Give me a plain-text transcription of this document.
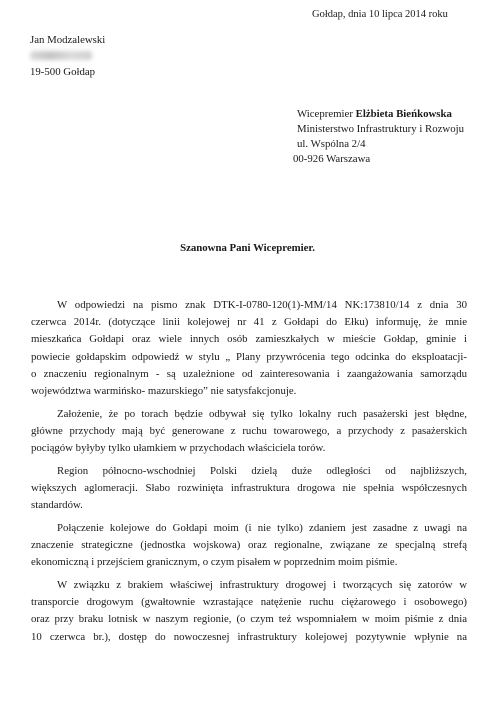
Gołdap, dnia 10 lipca 2014 roku
Jan Modzalewski
19-500 Gołdap
Wicepremier Elżbieta Bieńkowska
Ministerstwo Infrastruktury i Rozwoju
ul. Wspólna 2/4
00-926 Warszawa
Szanowna Pani Wicepremier.
W odpowiedzi na pismo znak DTK-I-0780-120(1)-MM/14 NK:173810/14 z dnia 30
czerwca 2014r. (dotyczące linii kolejowej nr 41 z Gołdapi do Ełku) informuję, że mnie
mieszkańca Gołdapi oraz wiele innych osób zamieszkałych w mieście Gołdap, gminie i
powiecie gołdapskim odpowiedź w stylu „ Plany przywrócenia tego odcinka do eksploatacji-
o znaczeniu regionalnym - są uzależnione od zainteresowania i zaangażowania samorządu
województwa warmińsko- mazurskiego” nie satysfakcjonuje.
Założenie, że po torach będzie odbywał się tylko lokalny ruch pasażerski jest błędne,
główne przychody mają być generowane z ruchu towarowego, a przychody z pasażerskich
pociągów byłyby tylko ułamkiem w przychodach właściciela torów.
Region północno-wschodniej Polski dzielą duże odległości od najbliższych,
większych aglomeracji. Słabo rozwinięta infrastruktura drogowa nie spełnia współczesnych
standardów.
Połączenie kolejowe do Gołdapi moim (i nie tylko) zdaniem jest zasadne z uwagi na
znaczenie strategiczne (jednostka wojskowa) oraz regionalne, związane ze specjalną strefą
ekonomiczną i przejściem granicznym, o czym pisałem w poprzednim moim piśmie.
W związku z brakiem właściwej infrastruktury drogowej i tworzących się zatorów w
transporcie drogowym (gwałtownie wzrastające natężenie ruchu ciężarowego i osobowego)
oraz przy braku lotnisk w naszym regionie, (o czym też wspomniałem w moim piśmie z dnia
10 czerwca br.), dostęp do nowoczesnej infrastruktury kolejowej pozytywnie wpłynie na
